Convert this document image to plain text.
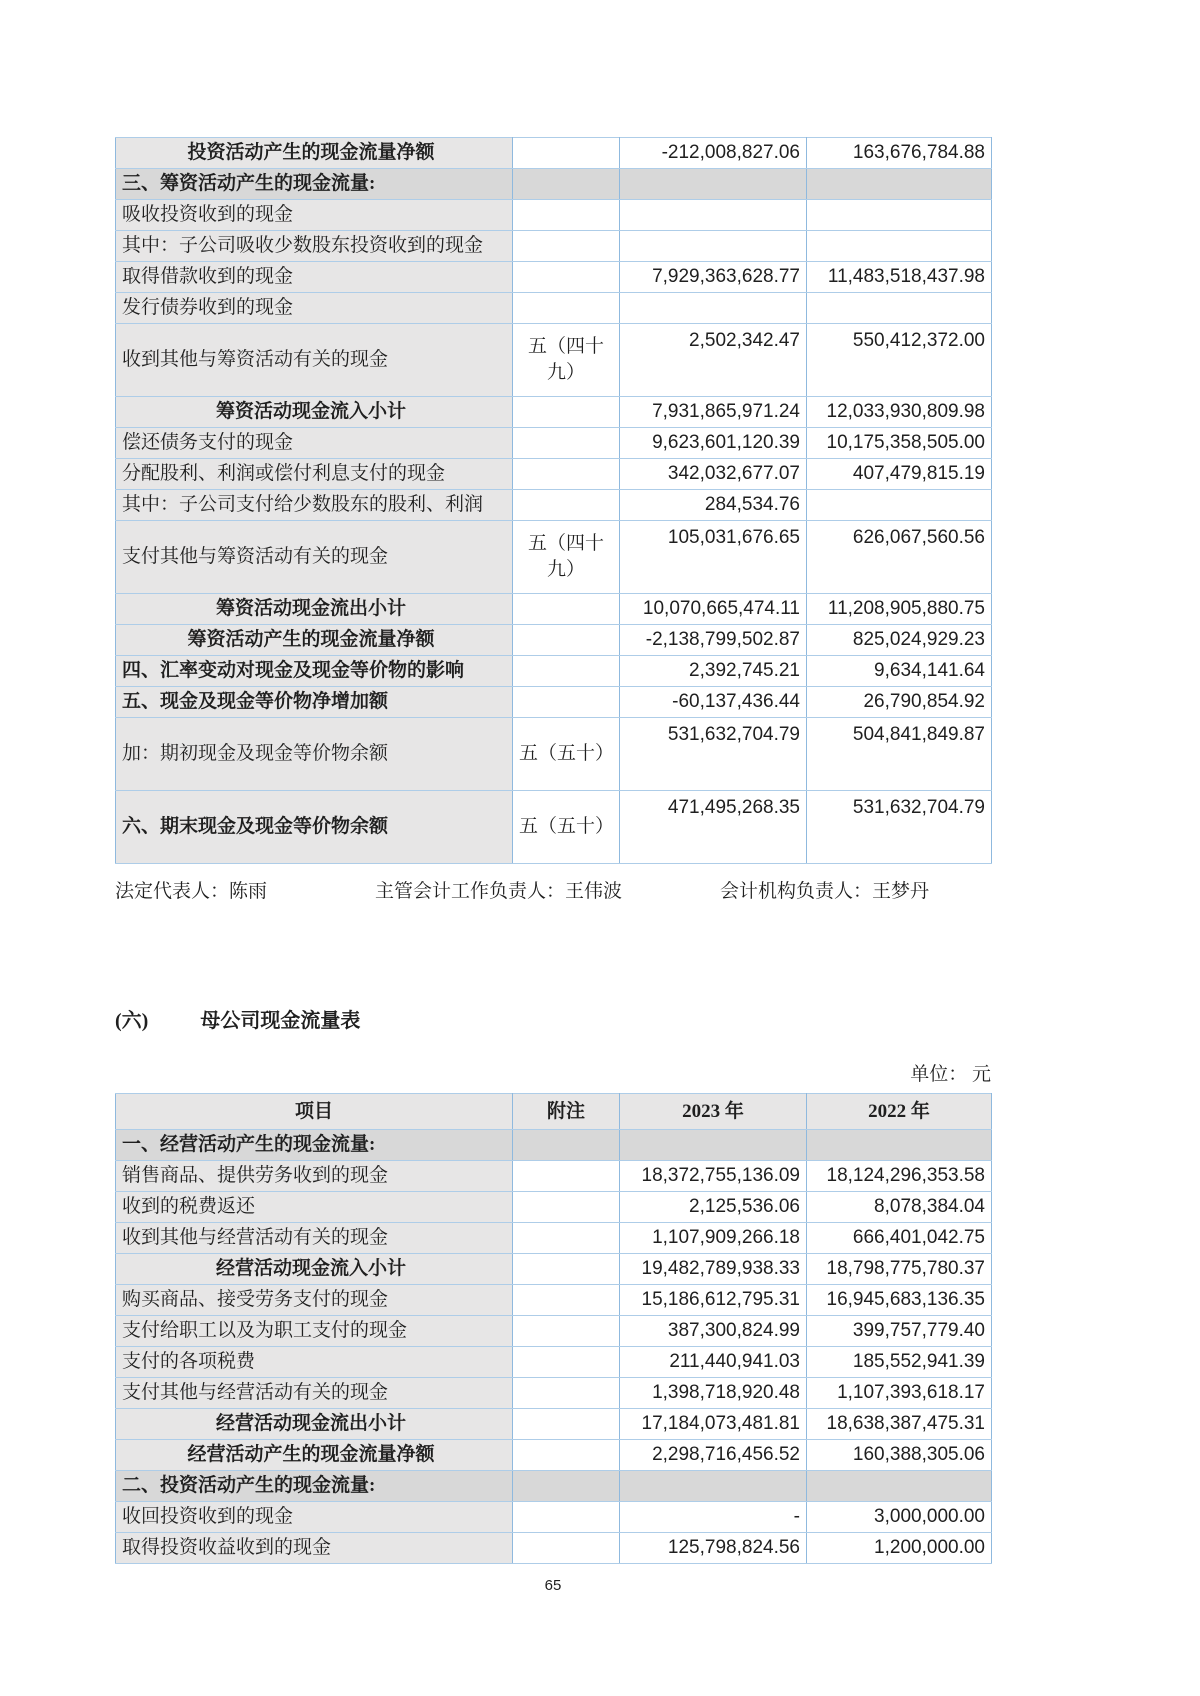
投资活动产生的现金流量净额		-212,008,827.06	163,676,784.88
三、筹资活动产生的现金流量:			
吸收投资收到的现金			
其中：子公司吸收少数股东投资收到的现金			
取得借款收到的现金		7,929,363,628.77	11,483,518,437.98
发行债券收到的现金			
收到其他与筹资活动有关的现金	五（四十九）	2,502,342.47	550,412,372.00
筹资活动现金流入小计		7,931,865,971.24	12,033,930,809.98
偿还债务支付的现金		9,623,601,120.39	10,175,358,505.00
分配股利、利润或偿付利息支付的现金		342,032,677.07	407,479,815.19
其中：子公司支付给少数股东的股利、利润		284,534.76	
支付其他与筹资活动有关的现金	五（四十九）	105,031,676.65	626,067,560.56
筹资活动现金流出小计		10,070,665,474.11	11,208,905,880.75
筹资活动产生的现金流量净额		-2,138,799,502.87	825,024,929.23
四、汇率变动对现金及现金等价物的影响		2,392,745.21	9,634,141.64
五、现金及现金等价物净增加额		-60,137,436.44	26,790,854.92
加：期初现金及现金等价物余额	五（五十）	531,632,704.79	504,841,849.87
六、期末现金及现金等价物余额	五（五十）	471,495,268.35	531,632,704.79
法定代表人：陈雨	主管会计工作负责人：王伟波	会计机构负责人：王梦丹
(六)	母公司现金流量表
单位： 元
项目	附注	2023 年	2022 年
一、经营活动产生的现金流量:			
销售商品、提供劳务收到的现金		18,372,755,136.09	18,124,296,353.58
收到的税费返还		2,125,536.06	8,078,384.04
收到其他与经营活动有关的现金		1,107,909,266.18	666,401,042.75
经营活动现金流入小计		19,482,789,938.33	18,798,775,780.37
购买商品、接受劳务支付的现金		15,186,612,795.31	16,945,683,136.35
支付给职工以及为职工支付的现金		387,300,824.99	399,757,779.40
支付的各项税费		211,440,941.03	185,552,941.39
支付其他与经营活动有关的现金		1,398,718,920.48	1,107,393,618.17
经营活动现金流出小计		17,184,073,481.81	18,638,387,475.31
经营活动产生的现金流量净额		2,298,716,456.52	160,388,305.06
二、投资活动产生的现金流量:			
收回投资收到的现金		-	3,000,000.00
取得投资收益收到的现金		125,798,824.56	1,200,000.00
65
